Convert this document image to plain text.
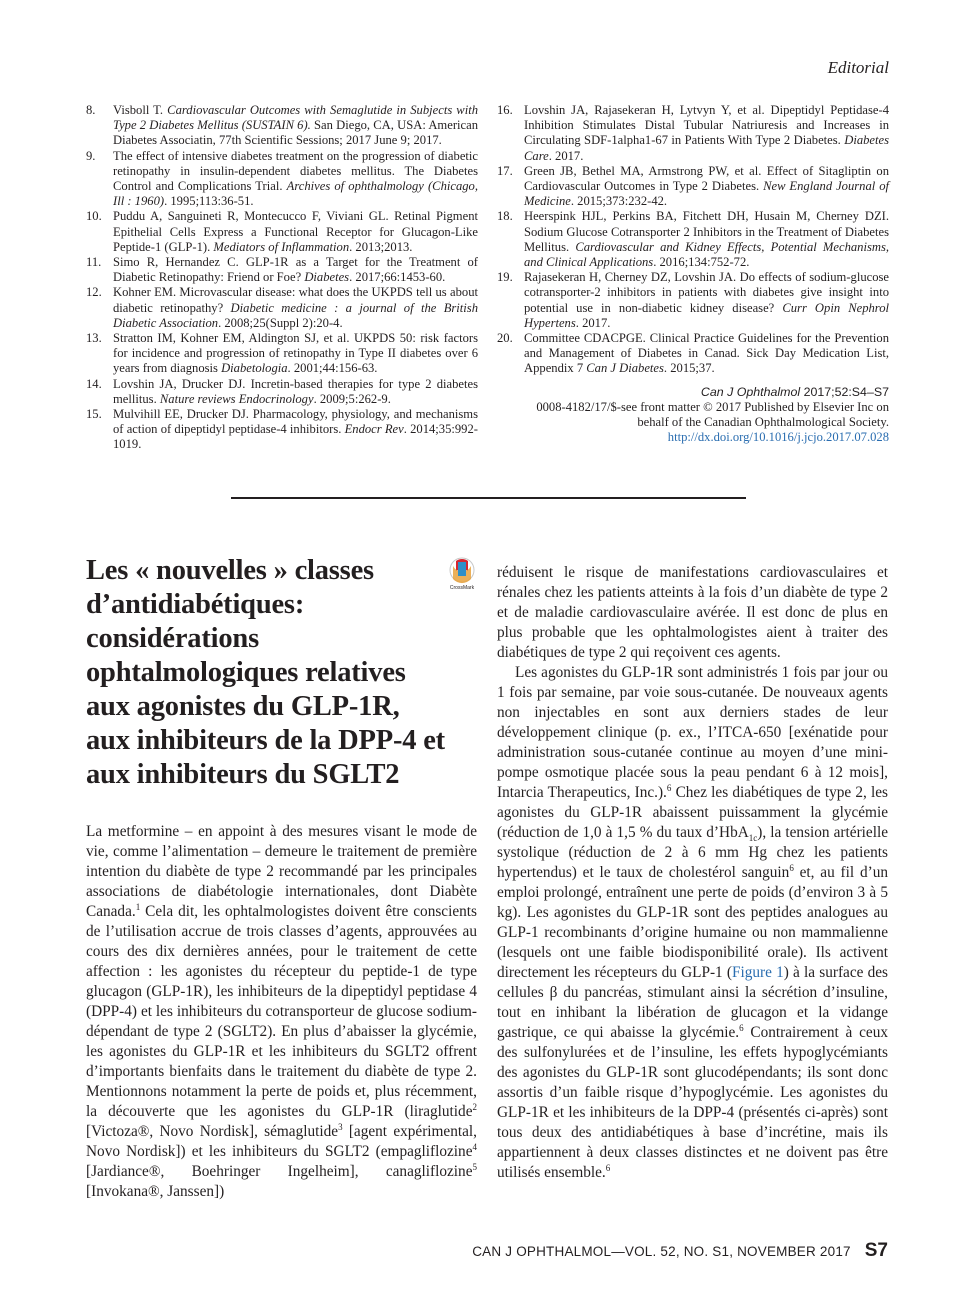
Editorial
8.	Visboll T. Cardiovascular Outcomes with Semaglutide in Subjects with Type 2 Diabetes Mellitus (SUSTAIN 6). San Diego, CA, USA: American Diabetes Associatin, 77th Scientific Sessions; 2017 June 9; 2017.
9.	The effect of intensive diabetes treatment on the progression of diabetic retinopathy in insulin-dependent diabetes mellitus. The Diabetes Control and Complications Trial. Archives of ophthalmology (Chicago, Ill : 1960). 1995;113:36-51.
10. Puddu A, Sanguineti R, Montecucco F, Viviani GL. Retinal Pigment Epithelial Cells Express a Functional Receptor for Glucagon-Like Peptide-1 (GLP-1). Mediators of Inflammation. 2013;2013.
11. Simo R, Hernandez C. GLP-1R as a Target for the Treatment of Diabetic Retinopathy: Friend or Foe? Diabetes. 2017;66:1453-60.
12. Kohner EM. Microvascular disease: what does the UKPDS tell us about diabetic retinopathy? Diabetic medicine : a journal of the British Diabetic Association. 2008;25(Suppl 2):20-4.
13. Stratton IM, Kohner EM, Aldington SJ, et al. UKPDS 50: risk factors for incidence and progression of retinopathy in Type II diabetes over 6 years from diagnosis Diabetologia. 2001;44:156-63.
14. Lovshin JA, Drucker DJ. Incretin-based therapies for type 2 diabetes mellitus. Nature reviews Endocrinology. 2009;5:262-9.
15. Mulvihill EE, Drucker DJ. Pharmacology, physiology, and mechanisms of action of dipeptidyl peptidase-4 inhibitors. Endocr Rev. 2014;35:992-1019.
16. Lovshin JA, Rajasekeran H, Lytvyn Y, et al. Dipeptidyl Peptidase-4 Inhibition Stimulates Distal Tubular Natriuresis and Increases in Circulating SDF-1alpha1-67 in Patients With Type 2 Diabetes. Diabetes Care. 2017.
17. Green JB, Bethel MA, Armstrong PW, et al. Effect of Sitagliptin on Cardiovascular Outcomes in Type 2 Diabetes. New England Journal of Medicine. 2015;373:232-42.
18. Heerspink HJL, Perkins BA, Fitchett DH, Husain M, Cherney DZI. Sodium Glucose Cotransporter 2 Inhibitors in the Treatment of Diabetes Mellitus. Cardiovascular and Kidney Effects, Potential Mechanisms, and Clinical Applications. 2016;134:752-72.
19. Rajasekeran H, Cherney DZ, Lovshin JA. Do effects of sodium-glucose cotransporter-2 inhibitors in patients with diabetes give insight into potential use in non-diabetic kidney disease? Curr Opin Nephrol Hypertens. 2017.
20. Committee CDACPGE. Clinical Practice Guidelines for the Prevention and Management of Diabetes in Canad. Sick Day Medication List, Appendix 7 Can J Diabetes. 2015;37.
Can J Ophthalmol 2017;52:S4–S7
0008-4182/17/$-see front matter © 2017 Published by Elsevier Inc on
behalf of the Canadian Ophthalmological Society.
http://dx.doi.org/10.1016/j.jcjo.2017.07.028
Les « nouvelles » classes d’antidiabétiques: considérations ophtalmologiques relatives aux agonistes du GLP-1R, aux inhibiteurs de la DPP-4 et aux inhibiteurs du SGLT2
CrossMark

La metformine – en appoint à des mesures visant le mode de vie, comme l’alimentation – demeure le traitement de première intention du diabète de type 2 recommandé par les principales associations de diabétologie internationales, dont Diabète Canada.$^1$ Cela dit, les ophtalmologistes doivent être conscients de l’utilisation accrue de trois classes d’agents, approuvées au cours des dix dernières années, pour le traitement de cette affection : les agonistes du récepteur du peptide-1 de type glucagon (GLP-1R), les inhibiteurs de la dipeptidyl peptidase 4 (DPP-4) et les inhibiteurs du cotransporteur de glucose sodium-dépendant de type 2 (SGLT2). En plus d’abaisser la glycémie, les agonistes du GLP-1R et les inhibiteurs du SGLT2 offrent d’importants bienfaits dans le traitement du diabète de type 2. Mentionnons notamment la perte de poids et, plus récemment, la découverte que les agonistes du GLP-1R (liraglutide$^2$ [Victoza®, Novo Nordisk], sémaglutide$^3$ [agent expérimental, Novo Nordisk]) et les inhibiteurs du SGLT2 (empagliflozine$^4$ [Jardiance®, Boehringer Ingelheim], canagliflozine$^5$ [Invokana®, Janssen])

réduisent le risque de manifestations cardiovasculaires et rénales chez les patients atteints à la fois d’un diabète de type 2 et de maladie cardiovasculaire avérée. Il est donc de plus en plus probable que les ophtalmologistes aient à traiter des diabétiques de type 2 qui reçoivent ces agents.

Les agonistes du GLP-1R sont administrés 1 fois par jour ou 1 fois par semaine, par voie sous-cutanée. De nouveaux agents non injectables en sont aux derniers stades de leur développement clinique (p. ex., l’ITCA-650 [exénatide pour administration sous-cutanée continue au moyen d’une mini-pompe osmotique placée sous la peau pendant 6 à 12 mois], Intarcia Therapeutics, Inc.).$^6$ Chez les diabétiques de type 2, les agonistes du GLP-1R abaissent puissamment la glycémie (réduction de 1,0 à 1,5 % du taux d’HbA$_{1c}$), la tension artérielle systolique (réduction de 2 à 6 mm Hg chez les patients hypertendus) et le taux de cholestérol sanguin$^6$ et, au fil d’un emploi prolongé, entraînent une perte de poids (d’environ 3 à 5 kg). Les agonistes du GLP-1R sont des peptides analogues au GLP-1 recombinants d’origine humaine ou non mammalienne (lesquels ont une faible biodisponibilité orale). Ils activent directement les récepteurs du GLP-1 (Figure 1) à la surface des cellules β du pancréas, stimulant ainsi la sécrétion d’insuline, tout en inhibant la libération de glucagon et la vidange gastrique, ce qui abaisse la glycémie.$^6$ Contrairement à ceux des sulfonylurées et de l’insuline, les effets hypoglycémiants des agonistes du GLP-1R sont glucodépendants; ils sont donc assortis d’un faible risque d’hypoglycémie. Les agonistes du GLP-1R et les inhibiteurs de la DPP-4 (présentés ci-après) sont tous deux des antidiabétiques à base d’incrétine, mais ils appartiennent à deux classes distinctes et ne doivent pas être utilisés ensemble.$^6$

CAN J OPHTHALMOL—VOL. 52, NO. S1, NOVEMBER 2017 S7
